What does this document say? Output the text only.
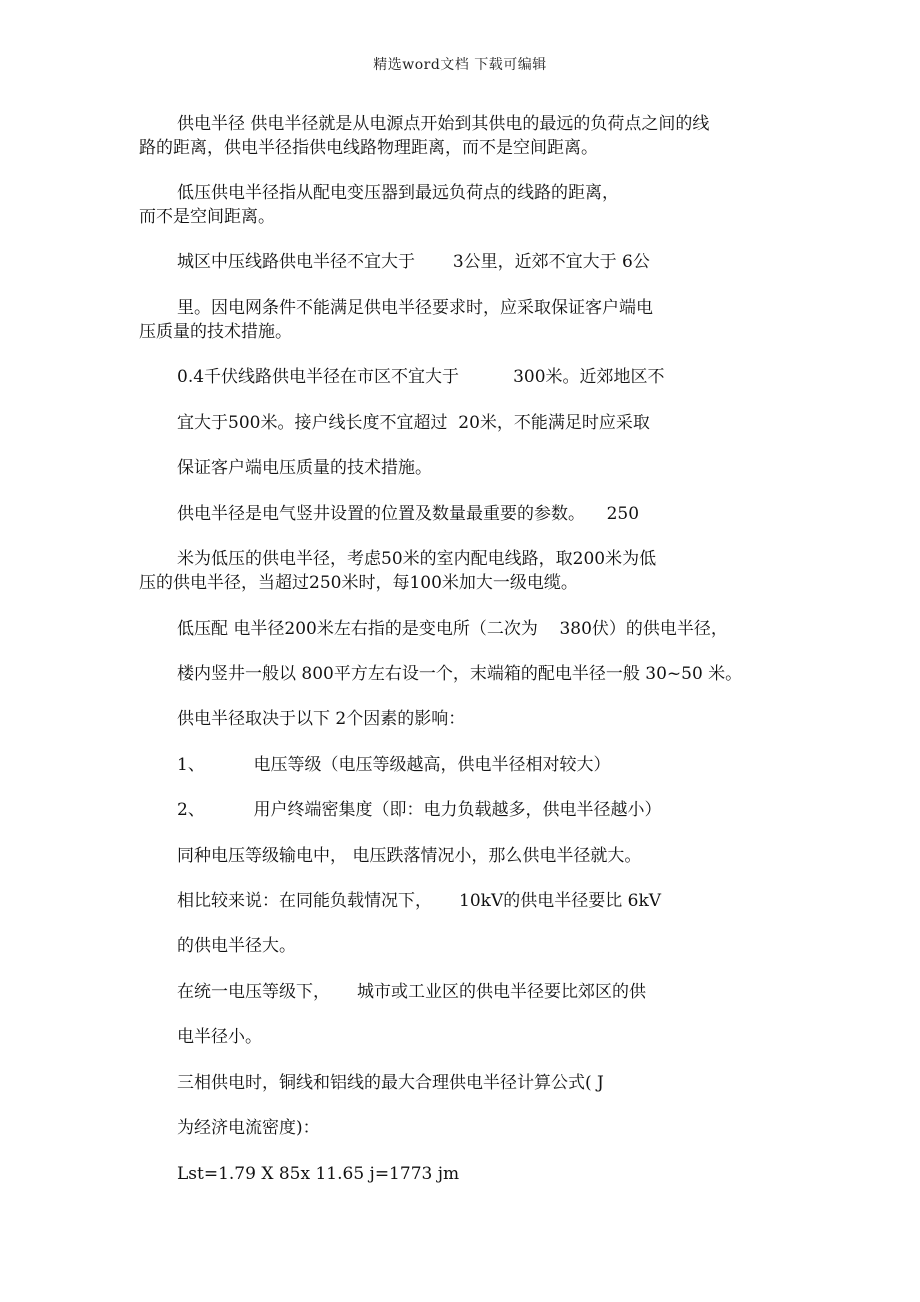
精选word文档 下载可编辑
供电半径 供电半径就是从电源点开始到其供电的最远的负荷点之间的线
路的距离，供电半径指供电线路物理距离，而不是空间距离。
低压供电半径指从配电变压器到最远负荷点的线路的距离，
而不是空间距离。
城区中压线路供电半径不宜大于       3公里，近郊不宜大于 6公
里。因电网条件不能满足供电半径要求时，应采取保证客户端电
压质量的技术措施。
0.4千伏线路供电半径在市区不宜大于          300米。近郊地区不
宜大于500米。接户线长度不宜超过  20米，不能满足时应采取
保证客户端电压质量的技术措施。
供电半径是电气竖井设置的位置及数量最重要的参数。    250
米为低压的供电半径，考虑50米的室内配电线路，取200米为低
压的供电半径，当超过250米时，每100米加大一级电缆。
低压配 电半径200米左右指的是变电所（二次为    380伏）的供电半径，
楼内竖井一般以 800平方左右设一个，末端箱的配电半径一般 30~50 米。
供电半径取决于以下 2个因素的影响：
1、         电压等级（电压等级越高，供电半径相对较大）
2、         用户终端密集度（即：电力负载越多，供电半径越小）
同种电压等级输电中， 电压跌落情况小，那么供电半径就大。
相比较来说：在同能负载情况下，     10kV的供电半径要比 6kV
的供电半径大。
在统一电压等级下，     城市或工业区的供电半径要比郊区的供
电半径小。
三相供电时，铜线和铝线的最大合理供电半径计算公式( J
为经济电流密度)：
Lst=1.79 X 85x 11.65 j=1773 jm
